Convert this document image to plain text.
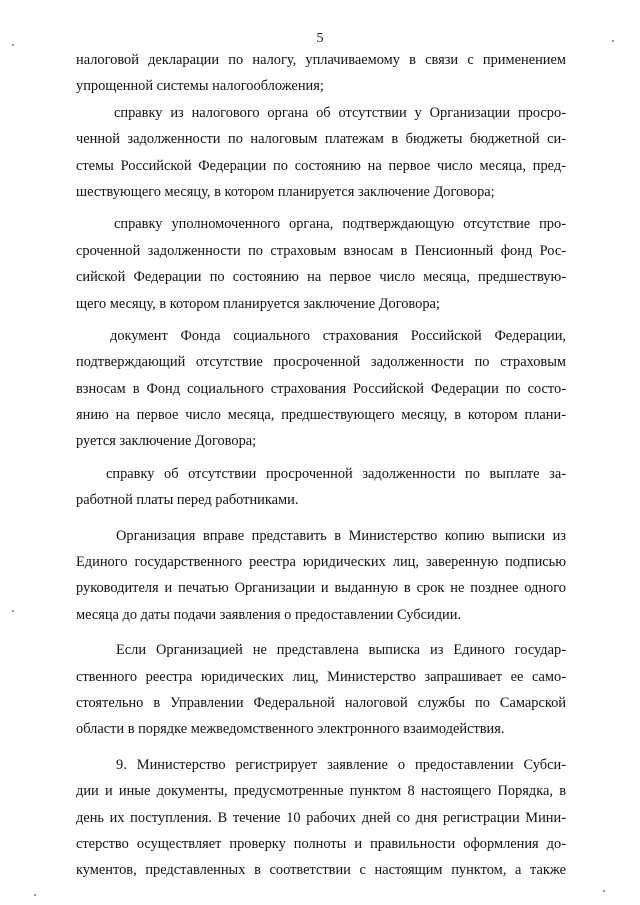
5
налоговой декларации по налогу, уплачиваемому в связи с применением
упрощенной системы налогообложения;
справку из налогового органа об отсутствии у Организации просро-
ченной задолженности по налоговым платежам в бюджеты бюджетной си-
стемы Российской Федерации по состоянию на первое число месяца, пред-
шествующего месяцу, в котором планируется заключение Договора;
справку уполномоченного органа, подтверждающую отсутствие про-
сроченной задолженности по страховым взносам в Пенсионный фонд Рос-
сийской Федерации по состоянию на первое число месяца, предшествую-
щего месяцу, в котором планируется заключение Договора;
документ Фонда социального страхования Российской Федерации,
подтверждающий отсутствие просроченной задолженности по страховым
взносам в Фонд социального страхования Российской Федерации по состо-
янию на первое число месяца, предшествующего месяцу, в котором плани-
руется заключение Договора;
справку об отсутствии просроченной задолженности по выплате за-
работной платы перед работниками.
Организация вправе представить в Министерство копию выписки из
Единого государственного реестра юридических лиц, заверенную подписью
руководителя и печатью Организации и выданную в срок не позднее одного
месяца до даты подачи заявления о предоставлении Субсидии.
Если Организацией не представлена выписка из Единого государ-
ственного реестра юридических лиц, Министерство запрашивает ее само-
стоятельно в Управлении Федеральной налоговой службы по Самарской
области в порядке межведомственного электронного взаимодействия.
9. Министерство регистрирует заявление о предоставлении Субси-
дии и иные документы, предусмотренные пунктом 8 настоящего Порядка, в
день их поступления. В течение 10 рабочих дней со дня регистрации Мини-
стерство осуществляет проверку полноты и правильности оформления до-
кументов, представленных в соответствии с настоящим пунктом, а также
